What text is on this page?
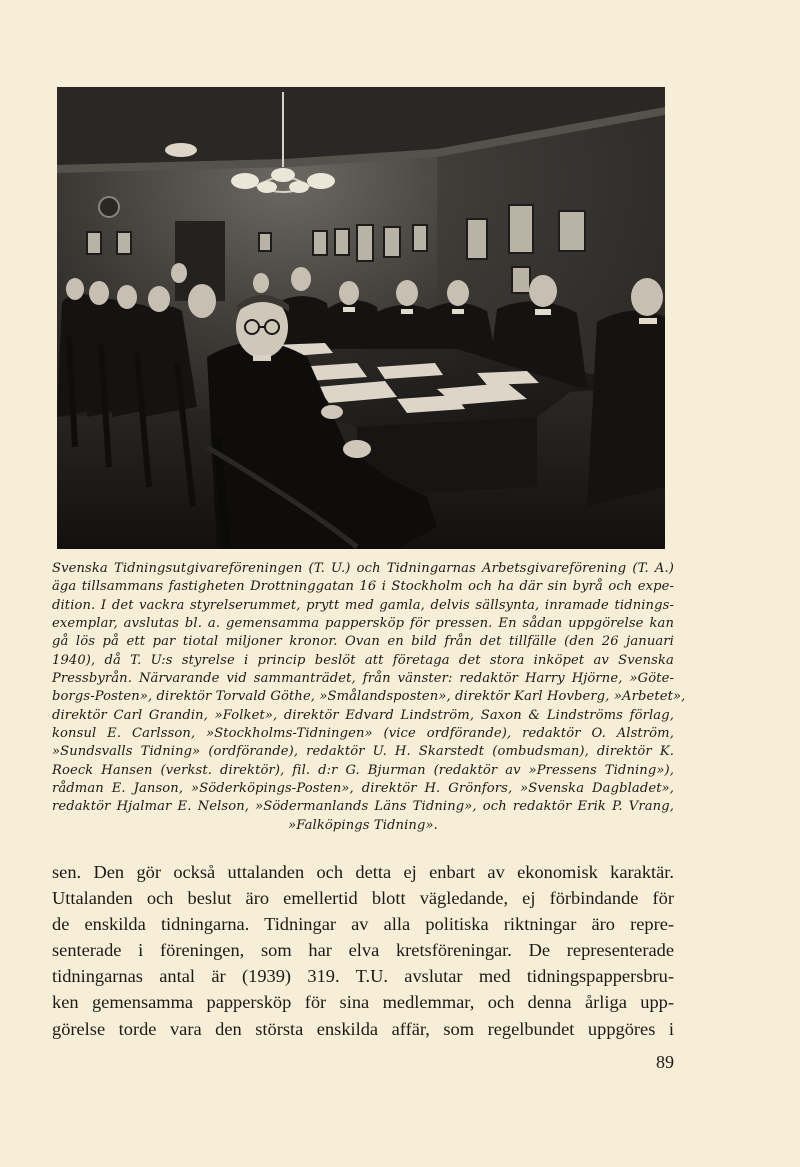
Svenska Tidningsutgivareföreningen (T. U.) och Tidningarnas Arbetsgivareförening (T. A.)
äga tillsammans fastigheten Drottninggatan 16 i Stockholm och ha där sin byrå och expe-
dition. I det vackra styrelserummet, prytt med gamla, delvis sällsynta, inramade tidnings-
exemplar, avslutas bl. a. gemensamma pappersköp för pressen. En sådan uppgörelse kan
gå lös på ett par tiotal miljoner kronor. Ovan en bild från det tillfälle (den 26 januari
1940), då T. U:s styrelse i princip beslöt att företaga det stora inköpet av Svenska
Pressbyrån. Närvarande vid sammanträdet, från vänster: redaktör Harry Hjörne, »Göte-
borgs-Posten», direktör Torvald Göthe, »Smålandsposten», direktör Karl Hovberg, »Arbetet»,
direktör Carl Grandin, »Folket», direktör Edvard Lindström, Saxon & Lindströms förlag,
konsul E. Carlsson, »Stockholms-Tidningen» (vice ordförande), redaktör O. Alström,
»Sundsvalls Tidning» (ordförande), redaktör U. H. Skarstedt (ombudsman), direktör K.
Roeck Hansen (verkst. direktör), fil. d:r G. Bjurman (redaktör av »Pressens Tidning»),
rådman E. Janson, »Söderköpings-Posten», direktör H. Grönfors, »Svenska Dagbladet»,
redaktör Hjalmar E. Nelson, »Södermanlands Läns Tidning», och redaktör Erik P. Vrang,
»Falköpings Tidning».
sen. Den gör också uttalanden och detta ej enbart av ekonomisk karaktär.
Uttalanden och beslut äro emellertid blott vägledande, ej förbindande för
de enskilda tidningarna. Tidningar av alla politiska riktningar äro repre-
senterade i föreningen, som har elva kretsföreningar. De representerade
tidningarnas antal är (1939) 319. T.U. avslutar med tidningspappersbru-
ken gemensamma pappersköp för sina medlemmar, och denna årliga upp-
görelse torde vara den största enskilda affär, som regelbundet uppgöres i
89
